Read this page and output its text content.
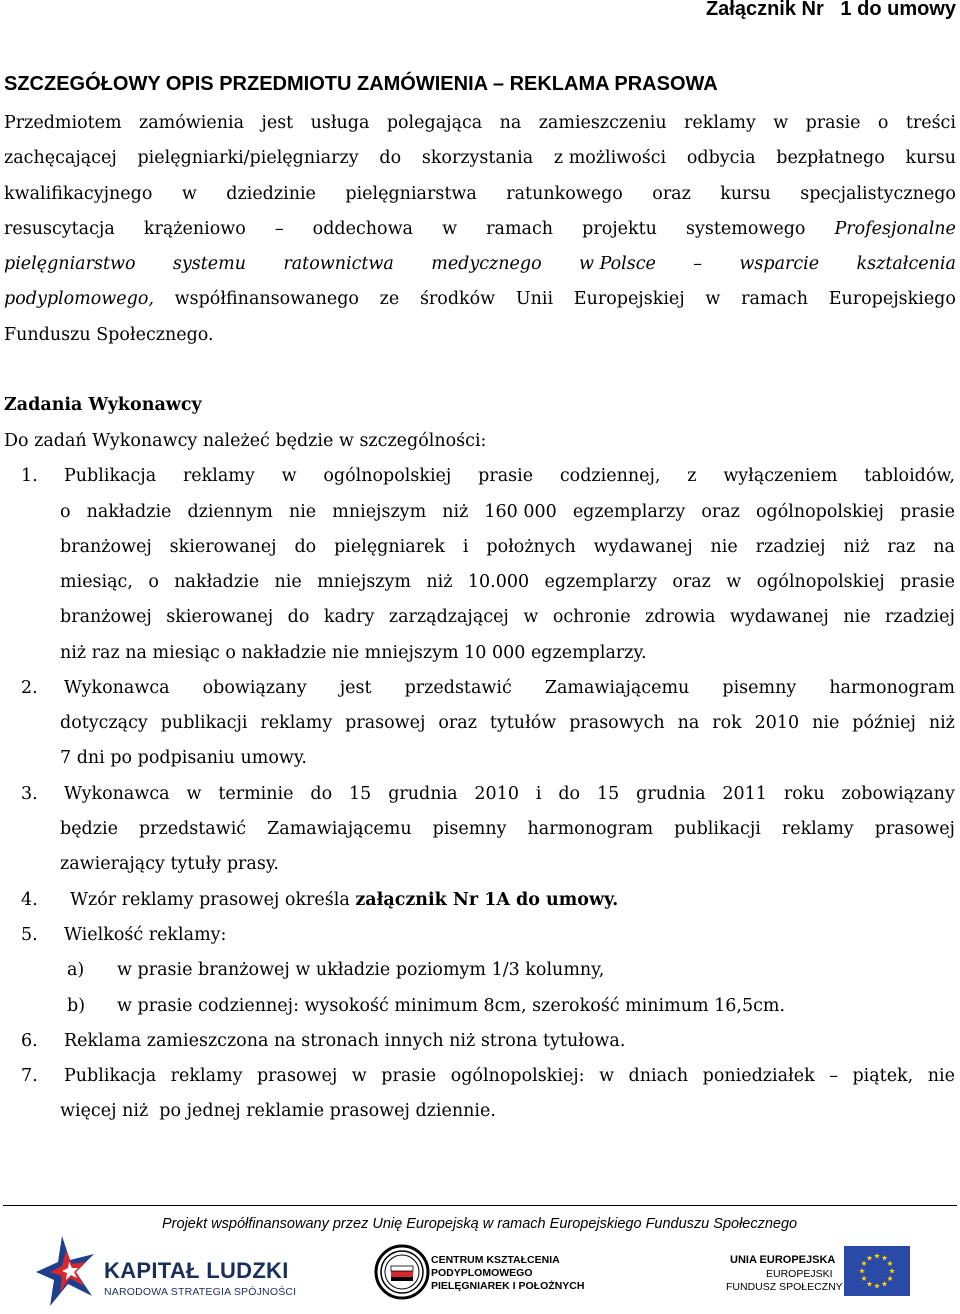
Załącznik Nr   1 do umowy
SZCZEGÓŁOWY OPIS PRZEDMIOTU ZAMÓWIENIA – REKLAMA PRASOWA
Przedmiotem zamówienia jest usługa polegająca na zamieszczeniu reklamy w prasie o treści
zachęcającej pielęgniarki/pielęgniarzy do skorzystania z możliwości odbycia bezpłatnego kursu
kwalifikacyjnego w dziedzinie pielęgniarstwa ratunkowego oraz kursu specjalistycznego
resuscytacja krążeniowo – oddechowa w ramach projektu systemowego Profesjonalne
pielęgniarstwo systemu ratownictwa medycznego w Polsce – wsparcie kształcenia
podyplomowego, współfinansowanego ze środków Unii Europejskiej w ramach Europejskiego
Funduszu Społecznego.
Zadania Wykonawcy
Do zadań Wykonawcy należeć będzie w szczególności:
1. Publikacja reklamy w ogólnopolskiej prasie codziennej, z wyłączeniem tabloidów,
o nakładzie dziennym nie mniejszym niż 160 000 egzemplarzy oraz ogólnopolskiej prasie
branżowej skierowanej do pielęgniarek i położnych wydawanej nie rzadziej niż raz na
miesiąc, o nakładzie nie mniejszym niż 10.000 egzemplarzy oraz w ogólnopolskiej prasie
branżowej skierowanej do kadry zarządzającej w ochronie zdrowia wydawanej nie rzadziej
niż raz na miesiąc o nakładzie nie mniejszym 10 000 egzemplarzy.
2. Wykonawca obowiązany jest przedstawić Zamawiającemu pisemny harmonogram
dotyczący publikacji reklamy prasowej oraz tytułów prasowych na rok 2010 nie później niż
7 dni po podpisaniu umowy.
3. Wykonawca w terminie do 15 grudnia 2010 i do 15 grudnia 2011 roku zobowiązany
będzie przedstawić Zamawiającemu pisemny harmonogram publikacji reklamy prasowej
zawierający tytuły prasy.
4. Wzór reklamy prasowej określa załącznik Nr 1A do umowy.
5. Wielkość reklamy:
a) w prasie branżowej w układzie poziomym 1/3 kolumny,
b) w prasie codziennej: wysokość minimum 8cm, szerokość minimum 16,5cm.
6. Reklama zamieszczona na stronach innych niż strona tytułowa.
7. Publikacja reklamy prasowej w prasie ogólnopolskiej: w dniach poniedziałek – piątek, nie
więcej niż  po jednej reklamie prasowej dziennie.
Projekt współfinansowany przez Unię Europejską w ramach Europejskiego Funduszu Społecznego
KAPITAŁ LUDZKI
NARODOWA STRATEGIA SPÓJNOŚCI
CENTRUM KSZTAŁCENIA
PODYPLOMOWEGO
PIELĘGNIAREK I POŁOŻNYCH
UNIA EUROPEJSKA
EUROPEJSKI
FUNDUSZ SPOŁECZNY
